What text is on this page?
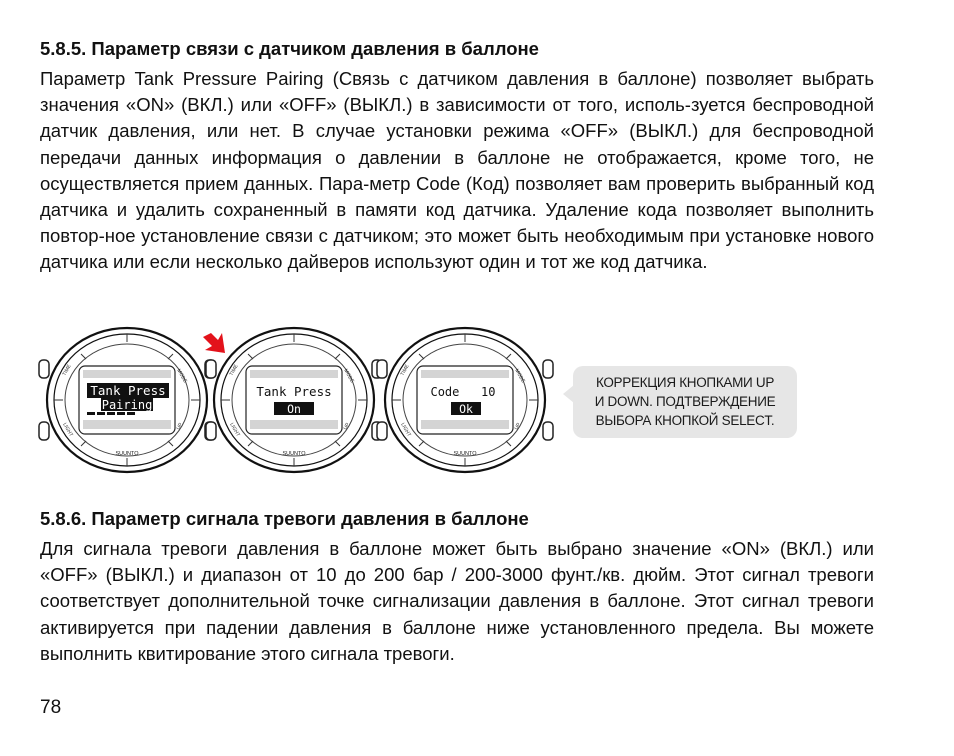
5.8.5. Параметр связи с датчиком давления в баллоне

Параметр Tank Pressure Pairing (Связь с датчиком давления в баллоне) позволяет выбрать значения «ON» (ВКЛ.) или «OFF» (ВЫКЛ.) в зависимости от того, исполь-зуется беспроводной датчик давления, или нет. В случае установки режима «OFF» (ВЫКЛ.) для беспроводной передачи данных информация о давлении в баллоне не отображается, кроме того, не осуществляется прием данных. Пара-метр Code (Код) позволяет вам проверить выбранный код датчика и удалить сохраненный в памяти код датчика. Удаление кода позволяет выполнить повтор-ное установление связи с датчиком; это может быть необходимым при установке нового датчика или если несколько дайверов используют один и тот же код датчика.

MODE
UP
Tank Press
Pairing
SUUNTO
Tank Press
On
SUUNTO
Code   10
Ok
SUUNTO
КОРРЕКЦИЯ КНОПКАМИ UP
И DOWN. ПОДТВЕРЖДЕНИЕ
ВЫБОРА КНОПКОЙ SELECT.
5.8.6. Параметр сигнала тревоги давления в баллоне

Для сигнала тревоги давления в баллоне может быть выбрано значение «ON» (ВКЛ.) или «OFF» (ВЫКЛ.) и диапазон от 10 до 200 бар / 200-3000 фунт./кв. дюйм. Этот сигнал тревоги соответствует дополнительной точке сигнализации давления в баллоне. Этот сигнал тревоги активируется при падении давления в баллоне ниже установленного предела. Вы можете выполнить квитирование этого сигнала тревоги.

78
